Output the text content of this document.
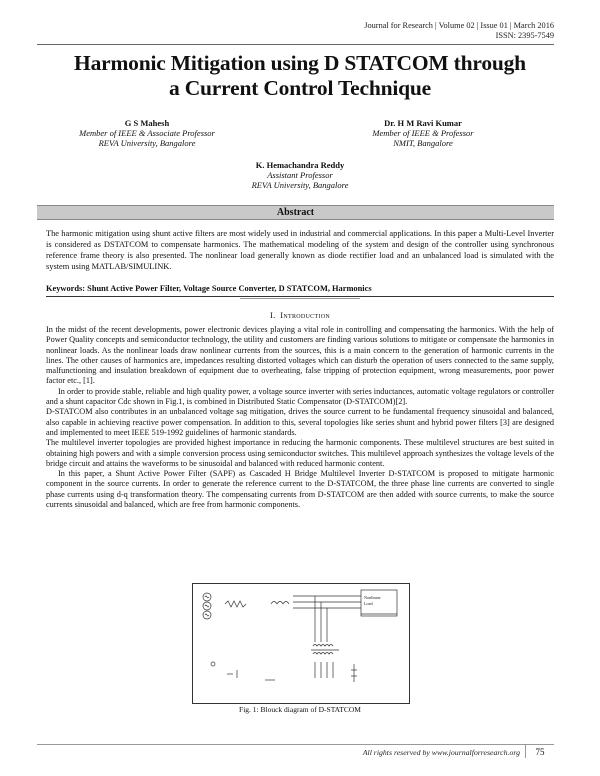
Journal for Research | Volume 02 | Issue 01 | March 2016
ISSN: 2395-7549
Harmonic Mitigation using D STATCOM through
a Current Control Technique
G S Mahesh
Member of IEEE & Associate Professor
REVA University, Bangalore
Dr. H M Ravi Kumar
Member of IEEE & Professor
NMIT, Bangalore
K. Hemachandra Reddy
Assistant Professor
REVA University, Bangalore
Abstract
The harmonic mitigation using shunt active filters are most widely used in industrial and commercial applications. In this paper a Multi-Level Inverter is considered as DSTATCOM to compensate harmonics. The mathematical modeling of the system and design of the controller using synchronous reference frame theory is also presented. The nonlinear load generally known as diode rectifier load and an unbalanced load is simulated with the system using MATLAB/SIMULINK.
Keywords: Shunt Active Power Filter, Voltage Source Converter, D STATCOM, Harmonics
I. Introduction

In the midst of the recent developments, power electronic devices playing a vital role in controlling and compensating the harmonics. With the help of Power Quality concepts and semiconductor technology, the utility and customers are finding various solutions to mitigate or compensate the harmonics in nonlinear loads. As the nonlinear loads draw nonlinear currents from the sources, this is a main concern to the generation of harmonic currents in the lines. The other causes of harmonics are, impedances resulting distorted voltages which can disturb the operation of users connected to the same supply, malfunctioning and insulation breakdown of equipment due to overheating, false tripping of protection equipment, wrong measurements, poor power factor etc., [1].

In order to provide stable, reliable and high quality power, a voltage source inverter with series inductances, automatic voltage regulators or controller and a shunt capacitor Cdc shown in Fig.1, is combined in Distributed Static Compensator (D-STATCOM)[2].

D-STATCOM also contributes in an unbalanced voltage sag mitigation, drives the source current to be fundamental frequency sinusoidal and balanced, also capable in achieving reactive power compensation. In addition to this, several topologies like series shunt and hybrid power filters [3] are designed and implemented to meet IEEE 519-1992 guidelines of harmonic standards.

The multilevel inverter topologies are provided highest importance in reducing the harmonic components. These multilevel structures are best suited in obtaining high powers and with a simple conversion process using semiconductor switches. This multilevel approach synthesizes the voltage levels of the bridge circuit and attains the waveforms to be sinusoidal and balanced with reduced harmonic content.

In this paper, a Shunt Active Power Filter (SAPF) as Cascaded H Bridge Multilevel Inverter D-STATCOM is proposed to mitigate harmonic component in the source currents. In order to generate the reference current to the D-STATCOM, the three phase line currents are converted to single phase currents using d-q transformation theory. The compensating currents from D-STATCOM are then added with source currents, to make the source currents sinusoidal and balanced, which are free from harmonic components.

Nonlinear
Load
Fig. 1: Blouck diagram of D-STATCOM
All rights reserved by www.journalforresearch.org	75
